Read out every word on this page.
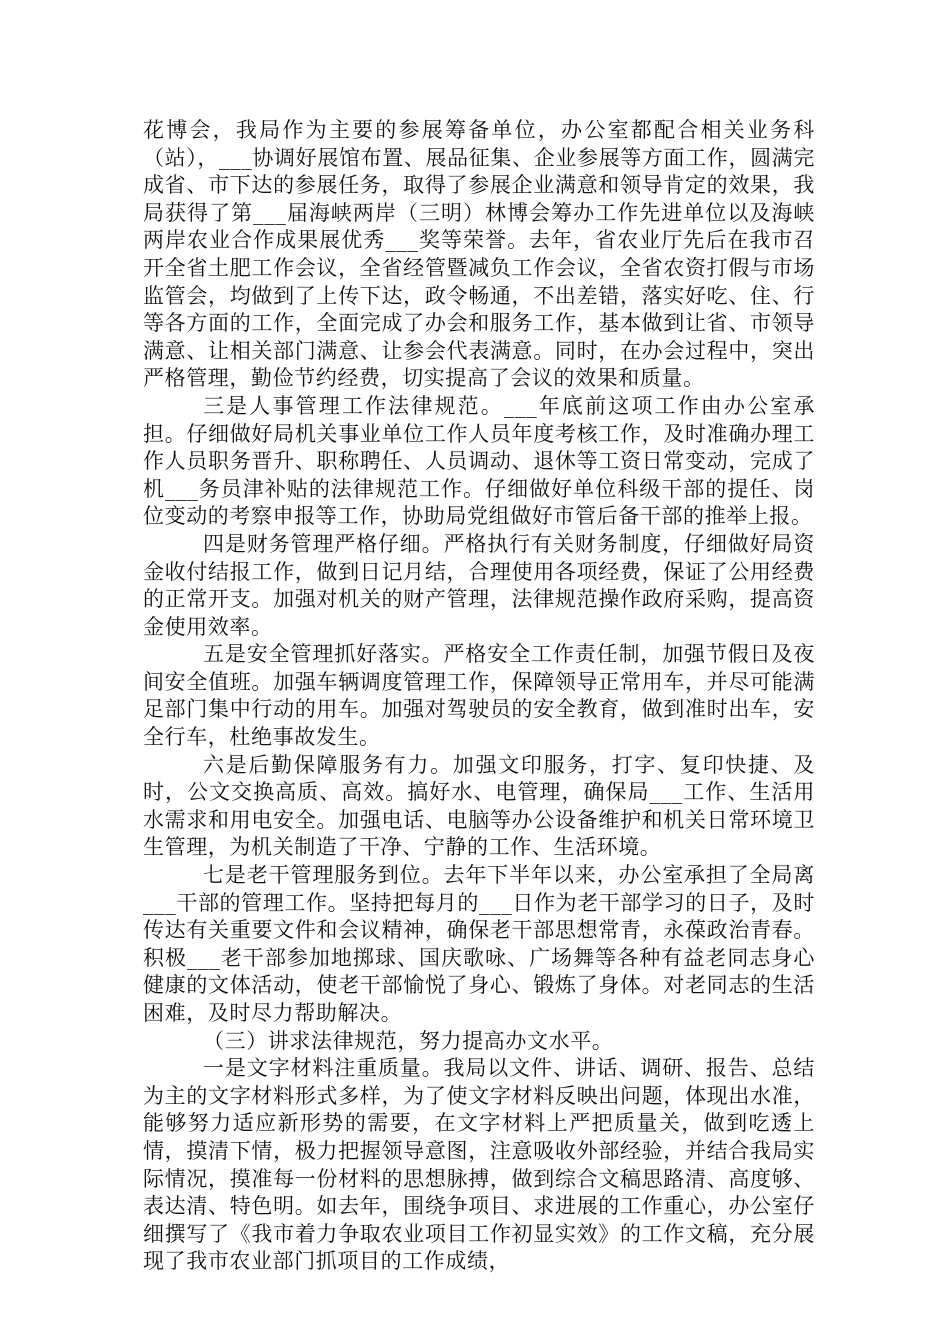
花博会，我局作为主要的参展筹备单位，办公室都配合相关业务科（站），___协调好展馆布置、展品征集、企业参展等方面工作，圆满完成省、市下达的参展任务，取得了参展企业满意和领导肯定的效果，我局获得了第___届海峡两岸（三明）林博会筹办工作先进单位以及海峡两岸农业合作成果展优秀___奖等荣誉。去年，省农业厅先后在我市召开全省土肥工作会议，全省经管暨减负工作会议，全省农资打假与市场监管会，均做到了上传下达，政令畅通，不出差错，落实好吃、住、行等各方面的工作，全面完成了办会和服务工作，基本做到让省、市领导满意、让相关部门满意、让参会代表满意。同时，在办会过程中，突出严格管理，勤俭节约经费，切实提高了会议的效果和质量。

三是人事管理工作法律规范。___年底前这项工作由办公室承担。仔细做好局机关事业单位工作人员年度考核工作，及时准确办理工作人员职务晋升、职称聘任、人员调动、退休等工资日常变动，完成了机___务员津补贴的法律规范工作。仔细做好单位科级干部的提任、岗位变动的考察申报等工作，协助局党组做好市管后备干部的推举上报。

四是财务管理严格仔细。严格执行有关财务制度，仔细做好局资金收付结报工作，做到日记月结，合理使用各项经费，保证了公用经费的正常开支。加强对机关的财产管理，法律规范操作政府采购，提高资金使用效率。

五是安全管理抓好落实。严格安全工作责任制，加强节假日及夜间安全值班。加强车辆调度管理工作，保障领导正常用车，并尽可能满足部门集中行动的用车。加强对驾驶员的安全教育，做到准时出车，安全行车，杜绝事故发生。

六是后勤保障服务有力。加强文印服务，打字、复印快捷、及时，公文交换高质、高效。搞好水、电管理，确保局___工作、生活用水需求和用电安全。加强电话、电脑等办公设备维护和机关日常环境卫生管理，为机关制造了干净、宁静的工作、生活环境。

七是老干管理服务到位。去年下半年以来，办公室承担了全局离___干部的管理工作。坚持把每月的___日作为老干部学习的日子，及时传达有关重要文件和会议精神，确保老干部思想常青，永葆政治青春。积极___老干部参加地掷球、国庆歌咏、广场舞等各种有益老同志身心健康的文体活动，使老干部愉悦了身心、锻炼了身体。对老同志的生活困难，及时尽力帮助解决。

（三）讲求法律规范，努力提高办文水平。

一是文字材料注重质量。我局以文件、讲话、调研、报告、总结为主的文字材料形式多样，为了使文字材料反映出问题，体现出水准，能够努力适应新形势的需要，在文字材料上严把质量关，做到吃透上情，摸清下情，极力把握领导意图，注意吸收外部经验，并结合我局实际情况，摸准每一份材料的思想脉搏，做到综合文稿思路清、高度够、表达清、特色明。如去年，围绕争项目、求进展的工作重心，办公室仔细撰写了《我市着力争取农业项目工作初显实效》的工作文稿，充分展现了我市农业部门抓项目的工作成绩，
